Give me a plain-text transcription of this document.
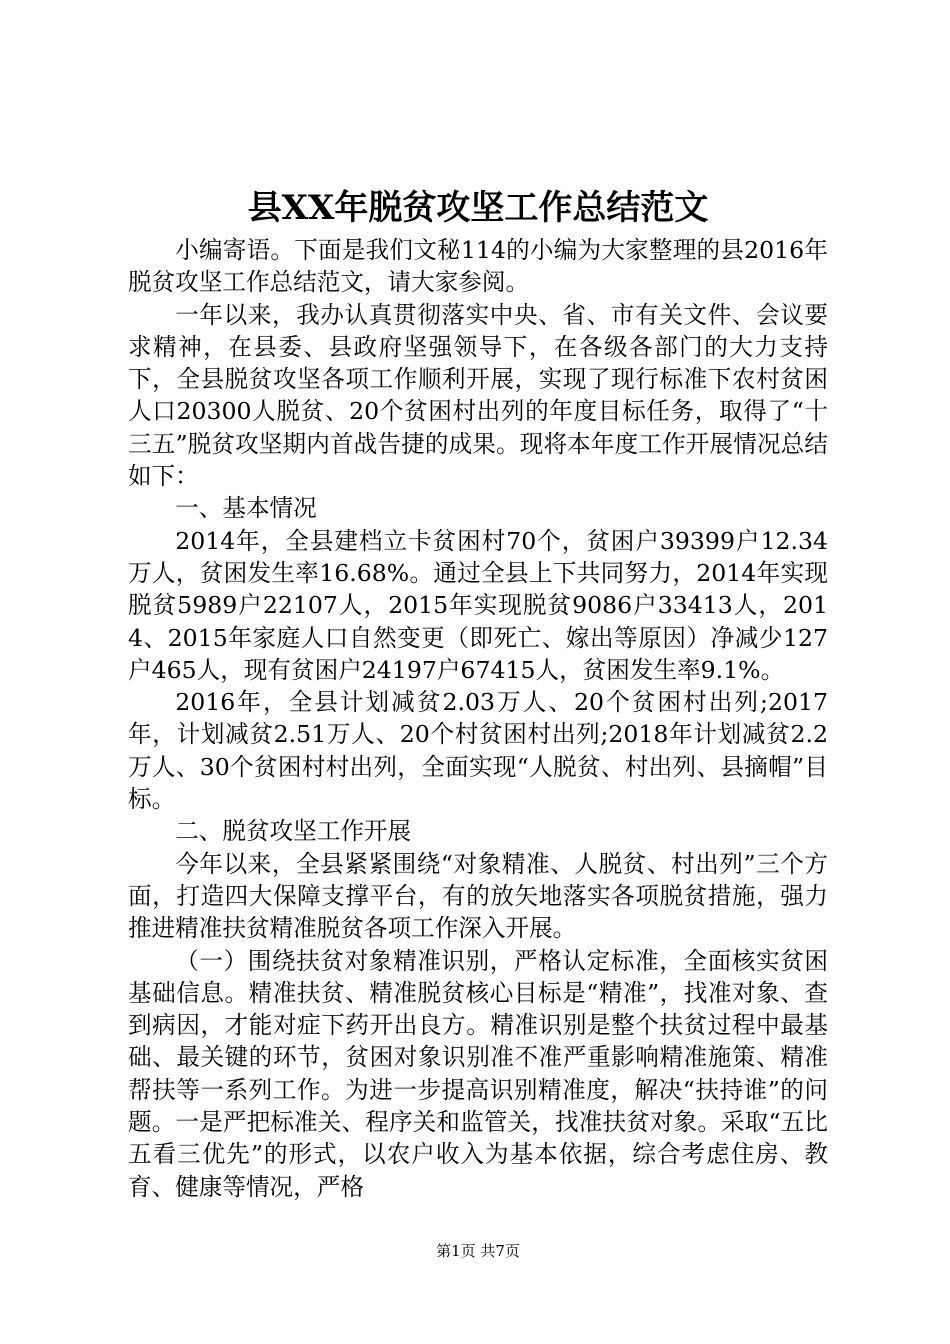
县XX年脱贫攻坚工作总结范文

小编寄语。下面是我们文秘114的小编为大家整理的县2016年脱贫攻坚工作总结范文，请大家参阅。

一年以来，我办认真贯彻落实中央、省、市有关文件、会议要求精神，在县委、县政府坚强领导下，在各级各部门的大力支持下，全县脱贫攻坚各项工作顺利开展，实现了现行标准下农村贫困人口20300人脱贫、20个贫困村出列的年度目标任务，取得了“十三五”脱贫攻坚期内首战告捷的成果。现将本年度工作开展情况总结如下：

一、基本情况

2014年，全县建档立卡贫困村70个，贫困户39399户12.34万人，贫困发生率16.68%。通过全县上下共同努力，2014年实现脱贫5989户22107人，2015年实现脱贫9086户33413人，2014、2015年家庭人口自然变更（即死亡、嫁出等原因）净减少127户465人，现有贫困户24197户67415人，贫困发生率9.1%。

2016年，全县计划减贫2.03万人、20个贫困村出列;2017年，计划减贫2.51万人、20个村贫困村出列;2018年计划减贫2.2万人、30个贫困村村出列，全面实现“人脱贫、村出列、县摘帽”目标。

二、脱贫攻坚工作开展

今年以来，全县紧紧围绕“对象精准、人脱贫、村出列”三个方面，打造四大保障支撑平台，有的放矢地落实各项脱贫措施，强力推进精准扶贫精准脱贫各项工作深入开展。

（一）围绕扶贫对象精准识别，严格认定标准，全面核实贫困基础信息。精准扶贫、精准脱贫核心目标是“精准”，找准对象、查到病因，才能对症下药开出良方。精准识别是整个扶贫过程中最基础、最关键的环节，贫困对象识别准不准严重影响精准施策、精准帮扶等一系列工作。为进一步提高识别精准度，解决“扶持谁”的问题。一是严把标准关、程序关和监管关，找准扶贫对象。采取“五比五看三优先”的形式，以农户收入为基本依据，综合考虑住房、教育、健康等情况，严格

第1页 共7页
